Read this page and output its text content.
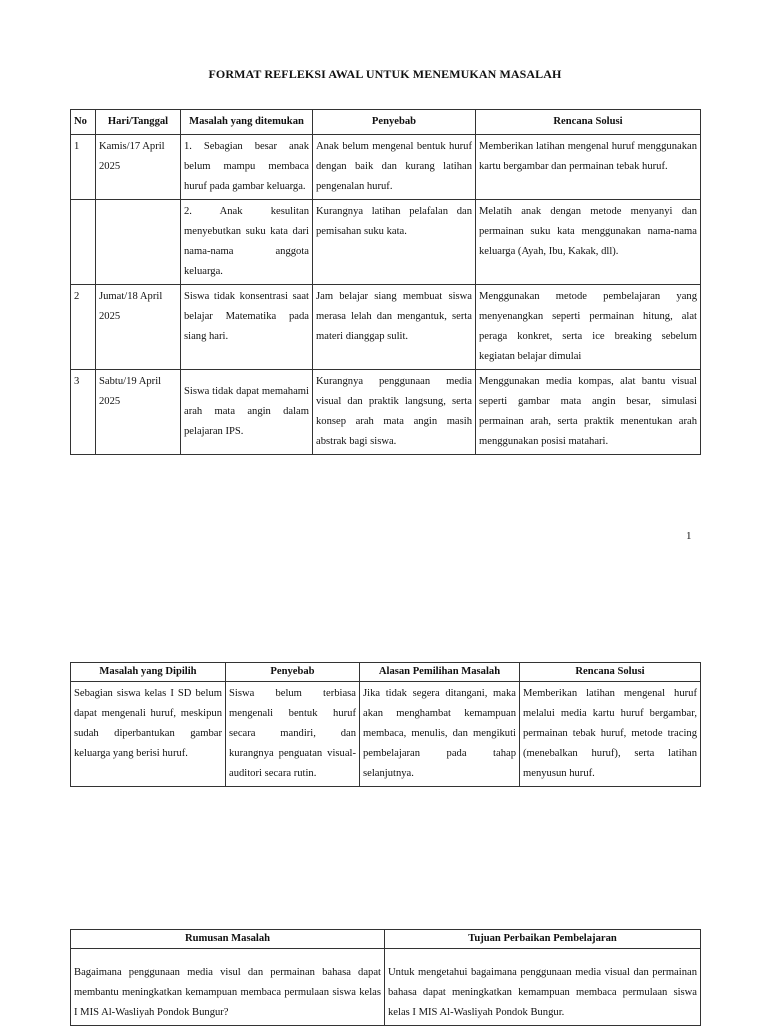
FORMAT REFLEKSI AWAL UNTUK MENEMUKAN MASALAH
No	Hari/Tanggal	Masalah yang ditemukan	Penyebab	Rencana Solusi
1	Kamis/17 April 2025	1. Sebagian besar anak belum mampu membaca huruf pada gambar keluarga.	Anak belum mengenal bentuk huruf dengan baik dan kurang latihan pengenalan huruf.	Memberikan latihan mengenal huruf menggunakan kartu bergambar dan permainan tebak huruf.
		2. Anak kesulitan menyebutkan suku kata dari nama-nama anggota keluarga.	Kurangnya latihan pelafalan dan pemisahan suku kata.	Melatih anak dengan metode menyanyi dan permainan suku kata menggunakan nama-nama keluarga (Ayah, Ibu, Kakak, dll).
2	Jumat/18 April 2025	Siswa tidak konsentrasi saat belajar Matematika pada siang hari.	Jam belajar siang membuat siswa merasa lelah dan mengantuk, serta materi dianggap sulit.	Menggunakan metode pembelajaran yang menyenangkan seperti permainan hitung, alat peraga konkret, serta ice breaking sebelum kegiatan belajar dimulai
3	Sabtu/19 April 2025	Siswa tidak dapat memahami arah mata angin dalam pelajaran IPS.	Kurangnya penggunaan media visual dan praktik langsung, serta konsep arah mata angin masih abstrak bagi siswa.	Menggunakan media kompas, alat bantu visual seperti gambar mata angin besar, simulasi permainan arah, serta praktik menentukan arah menggunakan posisi matahari.
1
Masalah yang Dipilih	Penyebab	Alasan Pemilihan Masalah	Rencana Solusi
Sebagian siswa kelas I SD belum dapat mengenali huruf, meskipun sudah diperbantukan gambar keluarga yang berisi huruf.	Siswa belum terbiasa mengenali bentuk huruf secara mandiri, dan kurangnya penguatan visual-auditori secara rutin.	Jika tidak segera ditangani, maka akan menghambat kemampuan membaca, menulis, dan mengikuti pembelajaran pada tahap selanjutnya.	Memberikan latihan mengenal huruf melalui media kartu huruf bergambar, permainan tebak huruf, metode tracing (menebalkan huruf), serta latihan menyusun huruf.
Rumusan Masalah	Tujuan Perbaikan Pembelajaran
Bagaimana penggunaan media visul dan permainan bahasa dapat membantu meningkatkan kemampuan membaca permulaan siswa kelas I MIS Al-Wasliyah Pondok Bungur?	Untuk mengetahui bagaimana penggunaan media visual dan permainan bahasa dapat meningkatkan kemampuan membaca permulaan siswa kelas I MIS Al-Wasliyah Pondok Bungur.
